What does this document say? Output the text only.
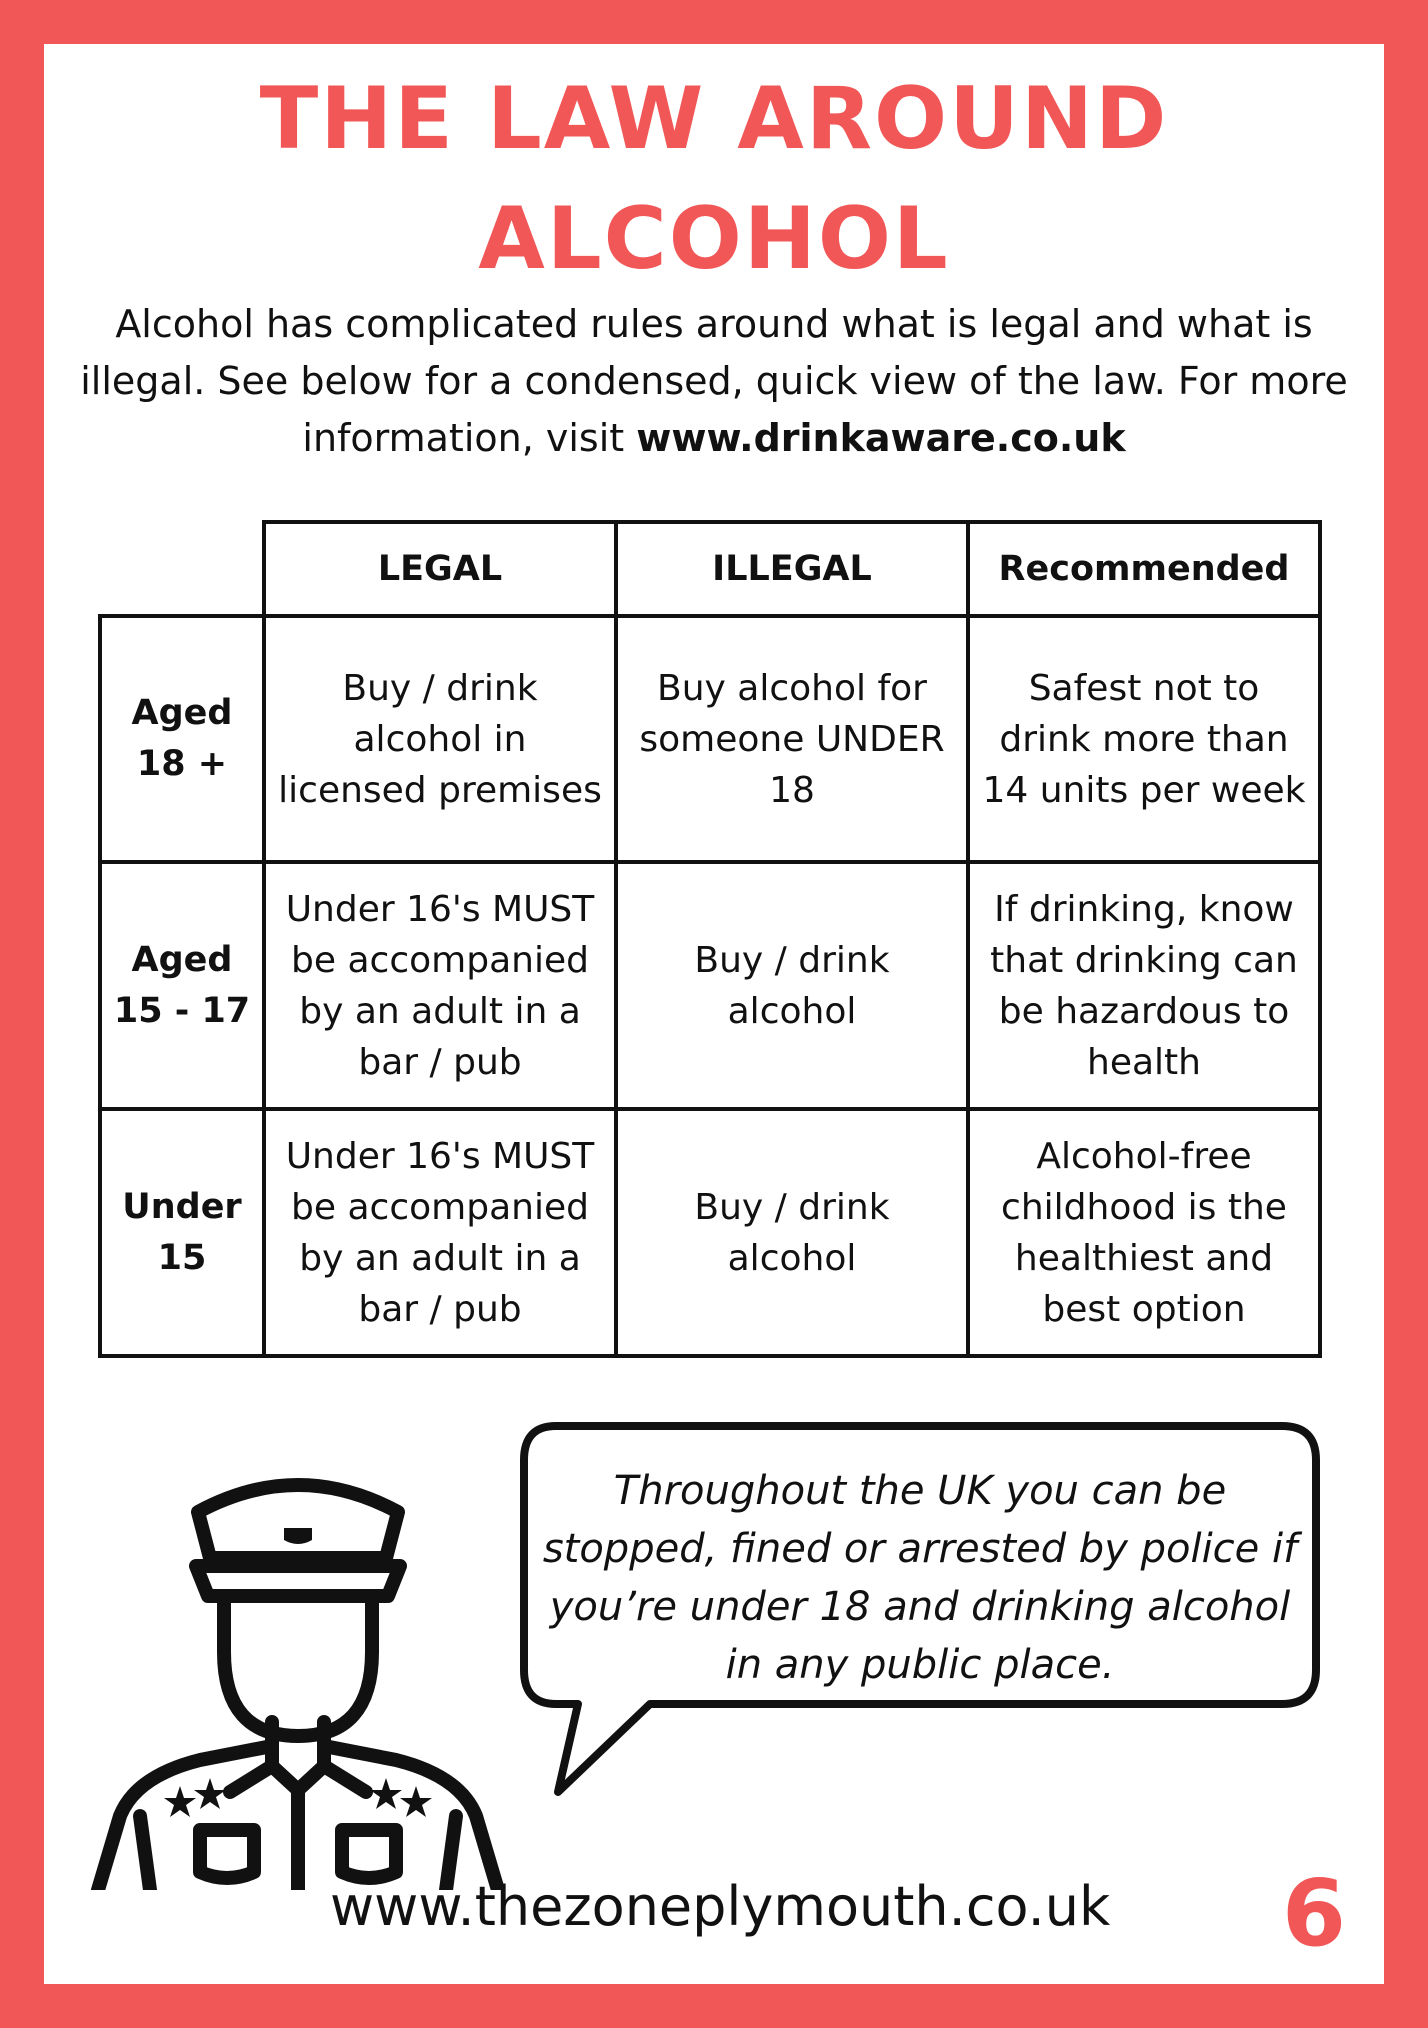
THE LAW AROUND
ALCOHOL
Alcohol has complicated rules around what is legal and what is illegal. See below for a condensed, quick view of the law. For more information, visit www.drinkaware.co.uk
	LEGAL	ILLEGAL	Recommended
Aged 18 +	Buy / drink alcohol in licensed premises	Buy alcohol for someone UNDER 18	Safest not to drink more than 14 units per week
Aged 15 - 17	Under 16's MUST be accompanied by an adult in a bar / pub	Buy / drink alcohol	If drinking, know that drinking can be hazardous to health
Under 15	Under 16's MUST be accompanied by an adult in a bar / pub	Buy / drink alcohol	Alcohol-free childhood is the healthiest and best option
Throughout the UK you can be stopped, fined or arrested by police if you’re under 18 and drinking alcohol in any public place.
www.thezoneplymouth.co.uk 6
